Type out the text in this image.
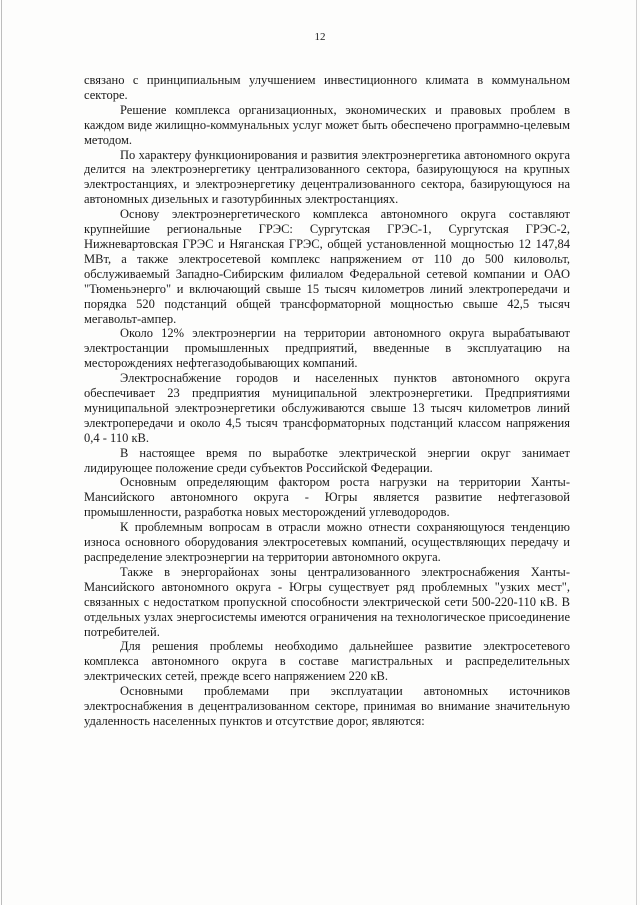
12

связано с принципиальным улучшением инвестиционного климата в коммунальном секторе.

Решение комплекса организационных, экономических и правовых проблем в каждом виде жилищно-коммунальных услуг может быть обеспечено программно-целевым методом.

По характеру функционирования и развития электроэнергетика автономного округа делится на электроэнергетику централизованного сектора, базирующуюся на крупных электростанциях, и электроэнергетику децентрализованного сектора, базирующуюся на автономных дизельных и газотурбинных электростанциях.

Основу электроэнергетического комплекса автономного округа составляют крупнейшие региональные ГРЭС: Сургутская ГРЭС-1, Сургутская ГРЭС-2, Нижневартовская ГРЭС и Няганская ГРЭС, общей установленной мощностью 12 147,84 МВт, а также электросетевой комплекс напряжением от 110 до 500 киловольт, обслуживаемый Западно-Сибирским филиалом Федеральной сетевой компании и ОАО "Тюменьэнерго" и включающий свыше 15 тысяч километров линий электропередачи и порядка 520 подстанций общей трансформаторной мощностью свыше 42,5 тысяч мегавольт-ампер.

Около 12% электроэнергии на территории автономного округа вырабатывают электростанции промышленных предприятий, введенные в эксплуатацию на месторождениях нефтегазодобывающих компаний.

Электроснабжение городов и населенных пунктов автономного округа обеспечивает 23 предприятия муниципальной электроэнергетики. Предприятиями муниципальной электроэнергетики обслуживаются свыше 13 тысяч километров линий электропередачи и около 4,5 тысяч трансформаторных подстанций классом напряжения 0,4 - 110 кВ.

В настоящее время по выработке электрической энергии округ занимает лидирующее положение среди субъектов Российской Федерации.

Основным определяющим фактором роста нагрузки на территории Ханты-Мансийского автономного округа - Югры является развитие нефтегазовой промышленности, разработка новых месторождений углеводородов.

К проблемным вопросам в отрасли можно отнести сохраняющуюся тенденцию износа основного оборудования электросетевых компаний, осуществляющих передачу и распределение электроэнергии на территории автономного округа.

Также в энергорайонах зоны централизованного электроснабжения Ханты-Мансийского автономного округа - Югры существует ряд проблемных "узких мест", связанных с недостатком пропускной способности электрической сети 500-220-110 кВ. В отдельных узлах энергосистемы имеются ограничения на технологическое присоединение потребителей.

Для решения проблемы необходимо дальнейшее развитие электросетевого комплекса автономного округа в составе магистральных и распределительных электрических сетей, прежде всего напряжением 220 кВ.

Основными проблемами при эксплуатации автономных источников электроснабжения в децентрализованном секторе, принимая во внимание значительную удаленность населенных пунктов и отсутствие дорог, являются:
